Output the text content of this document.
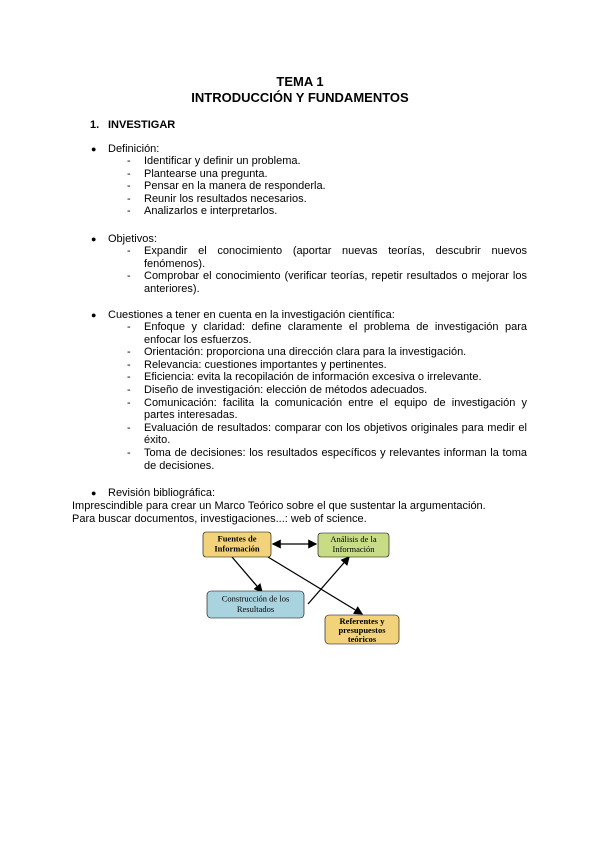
TEMA 1
INTRODUCCIÓN Y FUNDAMENTOS
1. INVESTIGAR
● Definición:
- Identificar y definir un problema.
- Plantearse una pregunta.
- Pensar en la manera de responderla.
- Reunir los resultados necesarios.
- Analizarlos e interpretarlos.
● Objetivos:
- Expandir el conocimiento (aportar nuevas teorías, descubrir nuevos fenómenos).
- Comprobar el conocimiento (verificar teorías, repetir resultados o mejorar los anteriores).
● Cuestiones a tener en cuenta en la investigación científica:
- Enfoque y claridad: define claramente el problema de investigación para enfocar los esfuerzos.
- Orientación: proporciona una dirección clara para la investigación.
- Relevancia: cuestiones importantes y pertinentes.
- Eficiencia: evita la recopilación de información excesiva o irrelevante.
- Diseño de investigación: elección de métodos adecuados.
- Comunicación: facilita la comunicación entre el equipo de investigación y partes interesadas.
- Evaluación de resultados: comparar con los objetivos originales para medir el éxito.
- Toma de decisiones: los resultados específicos y relevantes informan la toma de decisiones.
● Revisión bibliográfica:
Imprescindible para crear un Marco Teórico sobre el que sustentar la argumentación.
Para buscar documentos, investigaciones...: web of science.
Fuentes de
Información
Análisis de la
Información
Construcción de los
Resultados
Referentes y
presupuestos
teóricos
